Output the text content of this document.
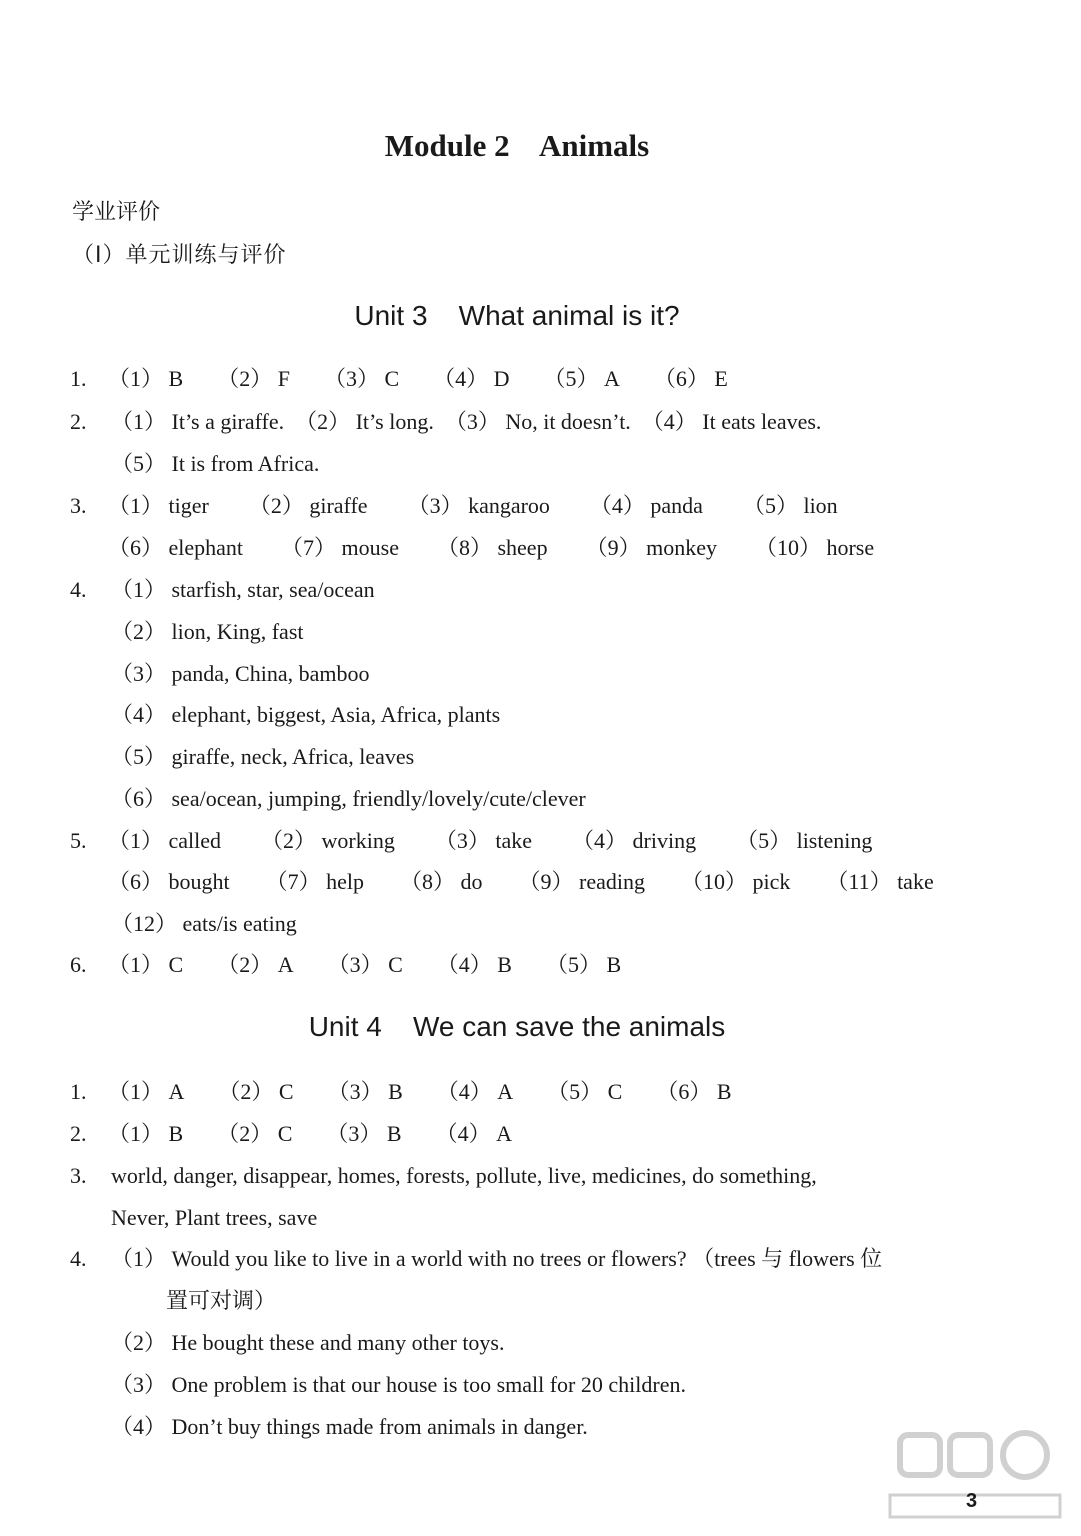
Module 2    Animals
学业评价
（Ⅰ）单元训练与评价
Unit 3    What animal is it?
1. （1） B （2） F （3） C （4） D （5） A （6） E
2. （1） It’s a giraffe.  （2） It’s long.  （3） No, it doesn’t.  （4） It eats leaves.
（5） It is from Africa.
3. （1） tiger （2） giraffe （3） kangaroo （4） panda （5） lion
（6） elephant （7） mouse （8） sheep （9） monkey （10） horse
4. （1） starfish, star, sea/ocean
（2） lion, King, fast
（3） panda, China, bamboo
（4） elephant, biggest, Asia, Africa, plants
（5） giraffe, neck, Africa, leaves
（6） sea/ocean, jumping, friendly/lovely/cute/clever
5. （1） called （2） working （3） take （4） driving （5） listening
（6） bought （7） help （8） do （9） reading （10） pick （11） take
（12） eats/is eating
6. （1） C （2） A （3） C （4） B （5） B
Unit 4    We can save the animals
1. （1） A （2） C （3） B （4） A （5） C （6） B
2. （1） B （2） C （3） B （4） A
3. world, danger, disappear, homes, forests, pollute, live, medicines, do something,
Never, Plant trees, save
4. （1） Would you like to live in a world with no trees or flowers? （trees 与 flowers 位
置可对调）
（2） He bought these and many other toys.
（3） One problem is that our house is too small for 20 children.
（4） Don’t buy things made from animals in danger.
3
